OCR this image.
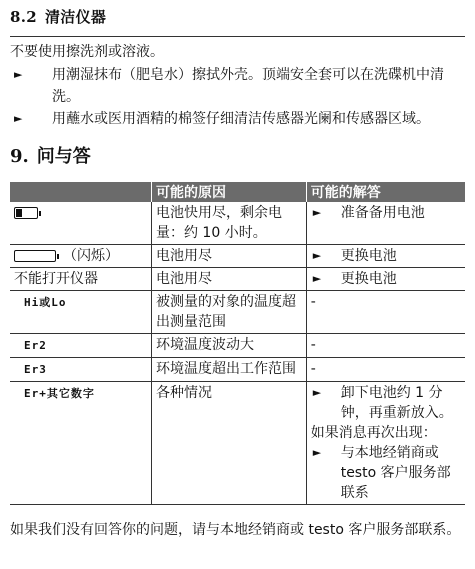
8.2 清洁仪器
不要使用擦洗剂或溶液。
► 用潮湿抹布（肥皂水）擦拭外壳。顶端安全套可以在洗碟机中清洗。
► 用蘸水或医用酒精的棉签仔细清洁传感器光阑和传感器区域。
9. 问与答
	可能的原因	可能的解答

	电池快用尽，剩余电量：约 10 小时。	► 准备备用电池

（闪烁）	电池用尽	► 更换电池

不能打开仪器	电池用尽	► 更换电池

Hi或Lo	被测量的对象的温度超出测量范围	-

Er2	环境温度波动大	-

Er3	环境温度超出工作范围	-

Er+其它数字	各种情况	► 卸下电池约 1 分钟，再重新放入。
如果消息再次出现：
► 与本地经销商或 testo 客户服务部联系
如果我们没有回答你的问题，请与本地经销商或 testo 客户服务部联系。
